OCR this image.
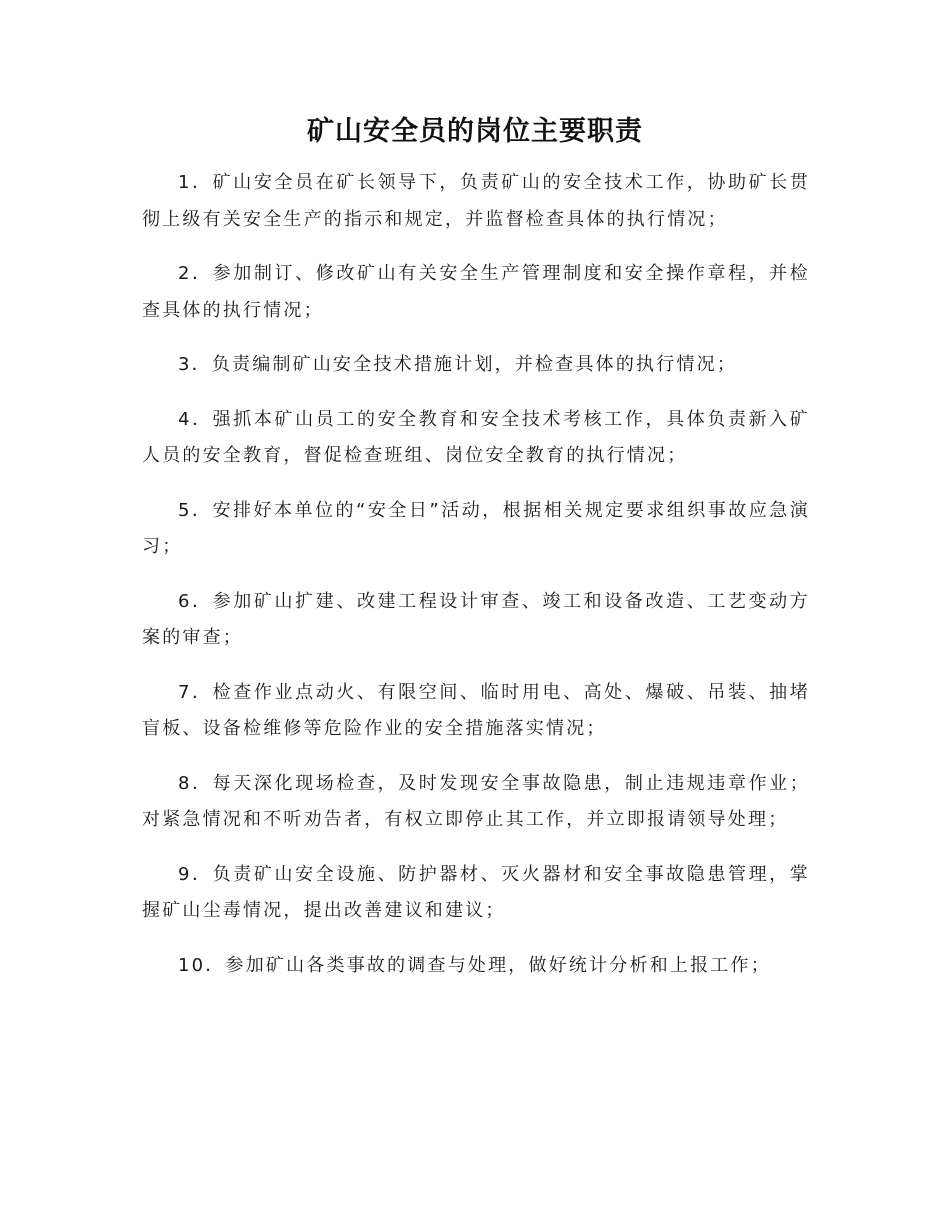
矿山安全员的岗位主要职责

1．矿山安全员在矿长领导下，负责矿山的安全技术工作，协助矿长贯彻上级有关安全生产的指示和规定，并监督检查具体的执行情况；

2．参加制订、修改矿山有关安全生产管理制度和安全操作章程，并检查具体的执行情况；

3．负责编制矿山安全技术措施计划，并检查具体的执行情况；

4．强抓本矿山员工的安全教育和安全技术考核工作，具体负责新入矿人员的安全教育，督促检查班组、岗位安全教育的执行情况；

5．安排好本单位的“安全日”活动，根据相关规定要求组织事故应急演习；

6．参加矿山扩建、改建工程设计审查、竣工和设备改造、工艺变动方案的审查；

7．检查作业点动火、有限空间、临时用电、高处、爆破、吊装、抽堵盲板、设备检维修等危险作业的安全措施落实情况；

8．每天深化现场检查，及时发现安全事故隐患，制止违规违章作业；对紧急情况和不听劝告者，有权立即停止其工作，并立即报请领导处理；

9．负责矿山安全设施、防护器材、灭火器材和安全事故隐患管理，掌握矿山尘毒情况，提出改善建议和建议；

10．参加矿山各类事故的调查与处理，做好统计分析和上报工作；
